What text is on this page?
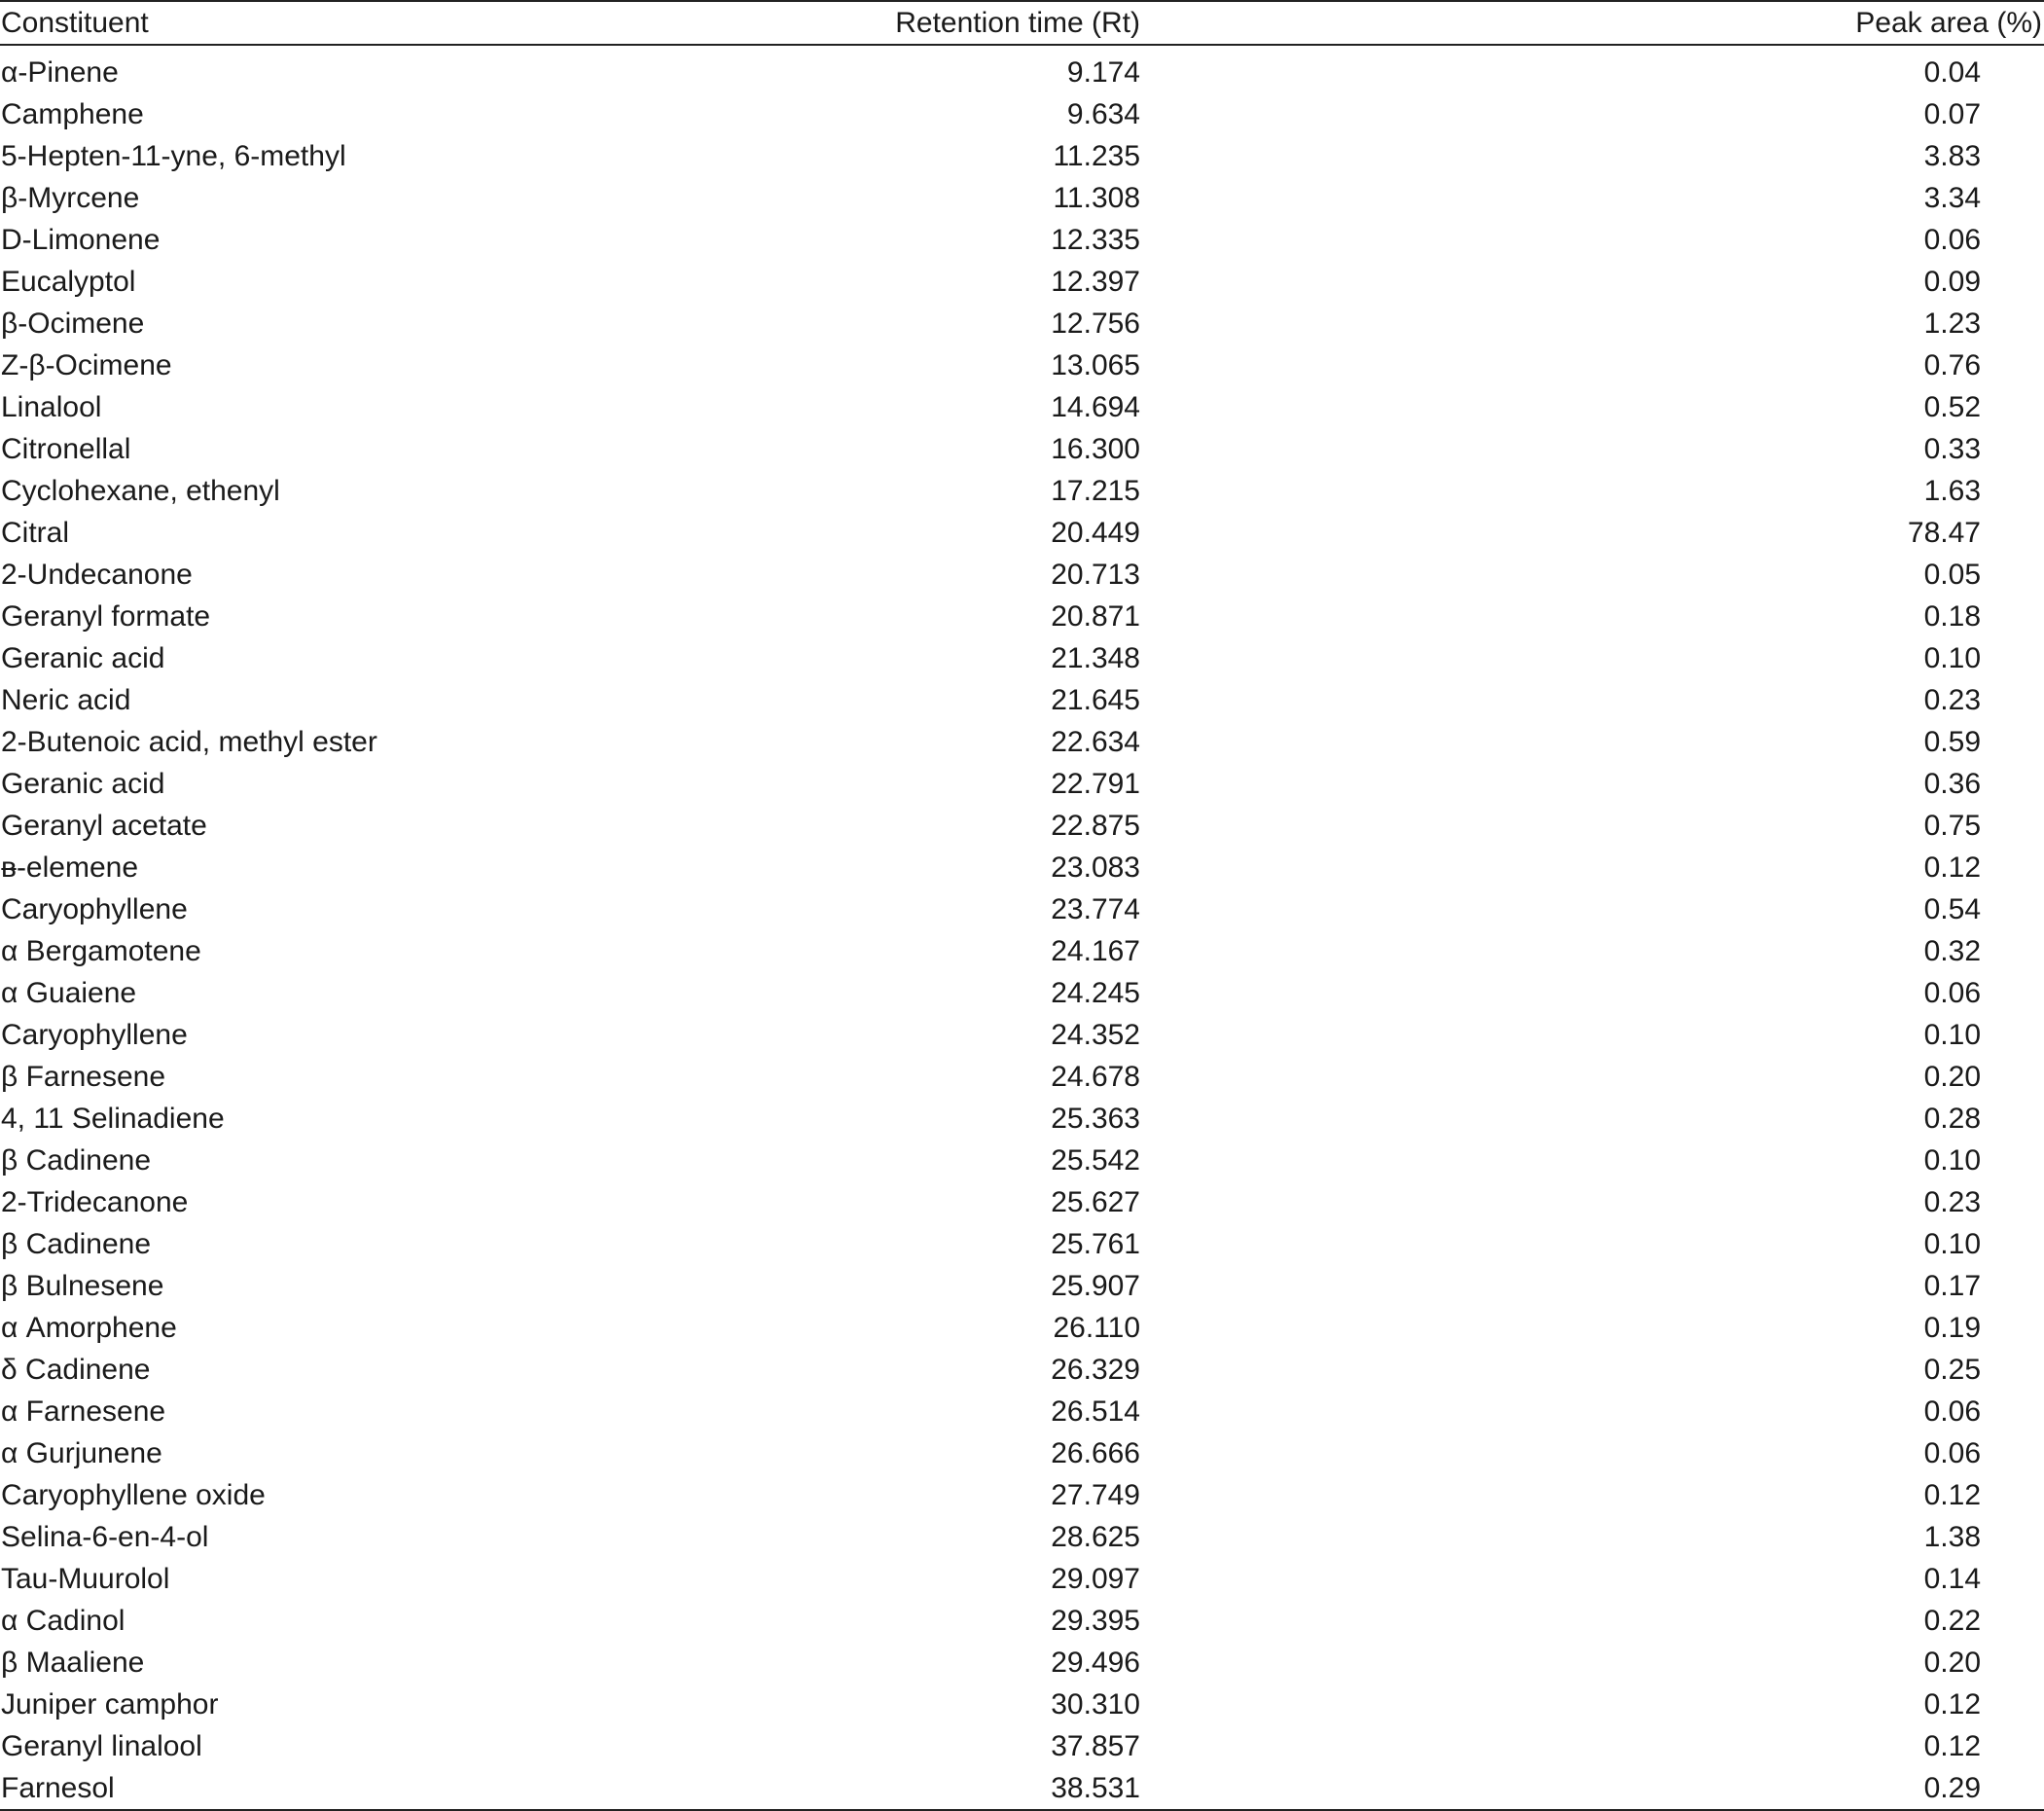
Constituent	Retention time (Rt)	Peak area (%)
α-Pinene	9.174	0.04
Camphene	9.634	0.07
5-Hepten-11-yne, 6-methyl	11.235	3.83
β-Myrcene	11.308	3.34
D-Limonene	12.335	0.06
Eucalyptol	12.397	0.09
β-Ocimene	12.756	1.23
Z-β-Ocimene	13.065	0.76
Linalool	14.694	0.52
Citronellal	16.300	0.33
Cyclohexane, ethenyl	17.215	1.63
Citral	20.449	78.47
2-Undecanone	20.713	0.05
Geranyl formate	20.871	0.18
Geranic acid	21.348	0.10
Neric acid	21.645	0.23
2-Butenoic acid, methyl ester	22.634	0.59
Geranic acid	22.791	0.36
Geranyl acetate	22.875	0.75
ᴃ-elemene	23.083	0.12
Caryophyllene	23.774	0.54
α Bergamotene	24.167	0.32
α Guaiene	24.245	0.06
Caryophyllene	24.352	0.10
β Farnesene	24.678	0.20
4, 11 Selinadiene	25.363	0.28
β Cadinene	25.542	0.10
2-Tridecanone	25.627	0.23
β Cadinene	25.761	0.10
β Bulnesene	25.907	0.17
α Amorphene	26.110	0.19
δ Cadinene	26.329	0.25
α Farnesene	26.514	0.06
α Gurjunene	26.666	0.06
Caryophyllene oxide	27.749	0.12
Selina-6-en-4-ol	28.625	1.38
Tau-Muurolol	29.097	0.14
α Cadinol	29.395	0.22
β Maaliene	29.496	0.20
Juniper camphor	30.310	0.12
Geranyl linalool	37.857	0.12
Farnesol	38.531	0.29
